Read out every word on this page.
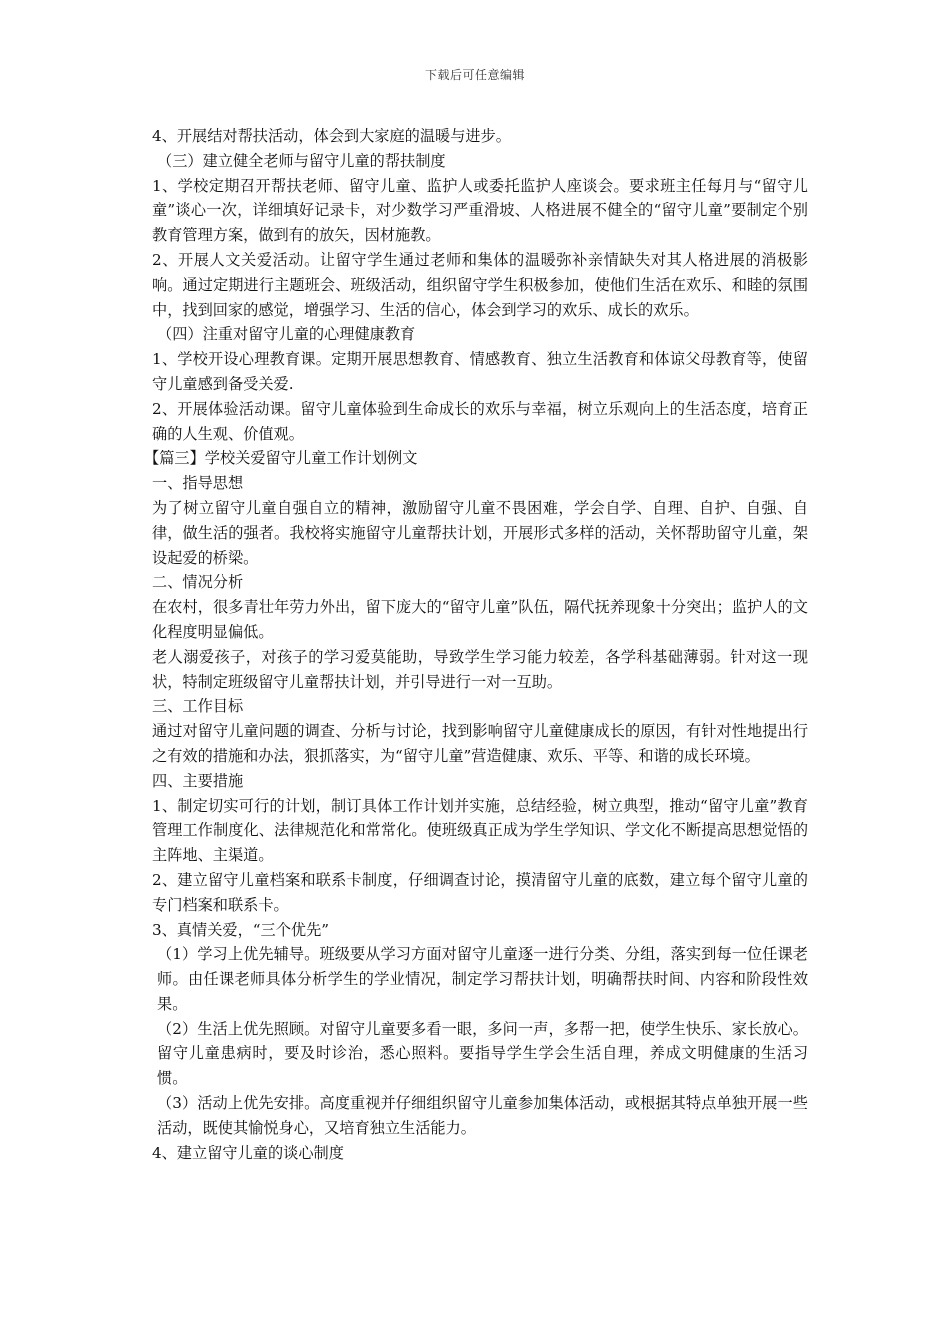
下载后可任意编辑

4、开展结对帮扶活动，体会到大家庭的温暖与进步。

（三）建立健全老师与留守儿童的帮扶制度

1、学校定期召开帮扶老师、留守儿童、监护人或委托监护人座谈会。要求班主任每月与“留守儿童”谈心一次，详细填好记录卡，对少数学习严重滑坡、人格进展不健全的“留守儿童”要制定个别教育管理方案，做到有的放矢，因材施教。

2、开展人文关爱活动。让留守学生通过老师和集体的温暖弥补亲情缺失对其人格进展的消极影响。通过定期进行主题班会、班级活动，组织留守学生积极参加，使他们生活在欢乐、和睦的氛围中，找到回家的感觉，增强学习、生活的信心，体会到学习的欢乐、成长的欢乐。

（四）注重对留守儿童的心理健康教育

1、学校开设心理教育课。定期开展思想教育、情感教育、独立生活教育和体谅父母教育等，使留守儿童感到备受关爱.

2、开展体验活动课。留守儿童体验到生命成长的欢乐与幸福，树立乐观向上的生活态度，培育正确的人生观、价值观。

【篇三】学校关爱留守儿童工作计划例文

一、指导思想

为了树立留守儿童自强自立的精神，激励留守儿童不畏困难，学会自学、自理、自护、自强、自律，做生活的强者。我校将实施留守儿童帮扶计划，开展形式多样的活动，关怀帮助留守儿童，架设起爱的桥梁。

二、情况分析

在农村，很多青壮年劳力外出，留下庞大的“留守儿童”队伍，隔代抚养现象十分突出；监护人的文化程度明显偏低。

老人溺爱孩子，对孩子的学习爱莫能助，导致学生学习能力较差，各学科基础薄弱。针对这一现状，特制定班级留守儿童帮扶计划，并引导进行一对一互助。

三、工作目标

通过对留守儿童问题的调查、分析与讨论，找到影响留守儿童健康成长的原因，有针对性地提出行之有效的措施和办法，狠抓落实，为“留守儿童”营造健康、欢乐、平等、和谐的成长环境。

四、主要措施

1、制定切实可行的计划，制订具体工作计划并实施，总结经验，树立典型，推动“留守儿童”教育管理工作制度化、法律规范化和常常化。使班级真正成为学生学知识、学文化不断提高思想觉悟的主阵地、主渠道。

2、建立留守儿童档案和联系卡制度，仔细调查讨论，摸清留守儿童的底数，建立每个留守儿童的专门档案和联系卡。

3、真情关爱，“三个优先”

（1）学习上优先辅导。班级要从学习方面对留守儿童逐一进行分类、分组，落实到每一位任课老师。由任课老师具体分析学生的学业情况，制定学习帮扶计划，明确帮扶时间、内容和阶段性效果。

（2）生活上优先照顾。对留守儿童要多看一眼，多问一声，多帮一把，使学生快乐、家长放心。留守儿童患病时，要及时诊治，悉心照料。要指导学生学会生活自理，养成文明健康的生活习惯。

（3）活动上优先安排。高度重视并仔细组织留守儿童参加集体活动，或根据其特点单独开展一些活动，既使其愉悦身心，又培育独立生活能力。

4、建立留守儿童的谈心制度
